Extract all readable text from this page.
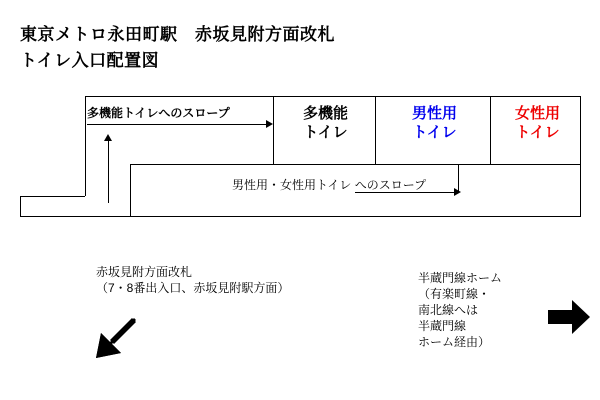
東京メトロ永田町駅　赤坂見附方面改札
トイレ入口配置図
多機能
トイレ
男性用
トイレ
女性用
トイレ
多機能トイレへのスロープ
男性用・女性用トイレ へのスロープ
赤坂見附方面改札
（7・8番出入口、赤坂見附駅方面）
半蔵門線ホーム
（有楽町線・
南北線へは
半蔵門線
ホーム経由）
